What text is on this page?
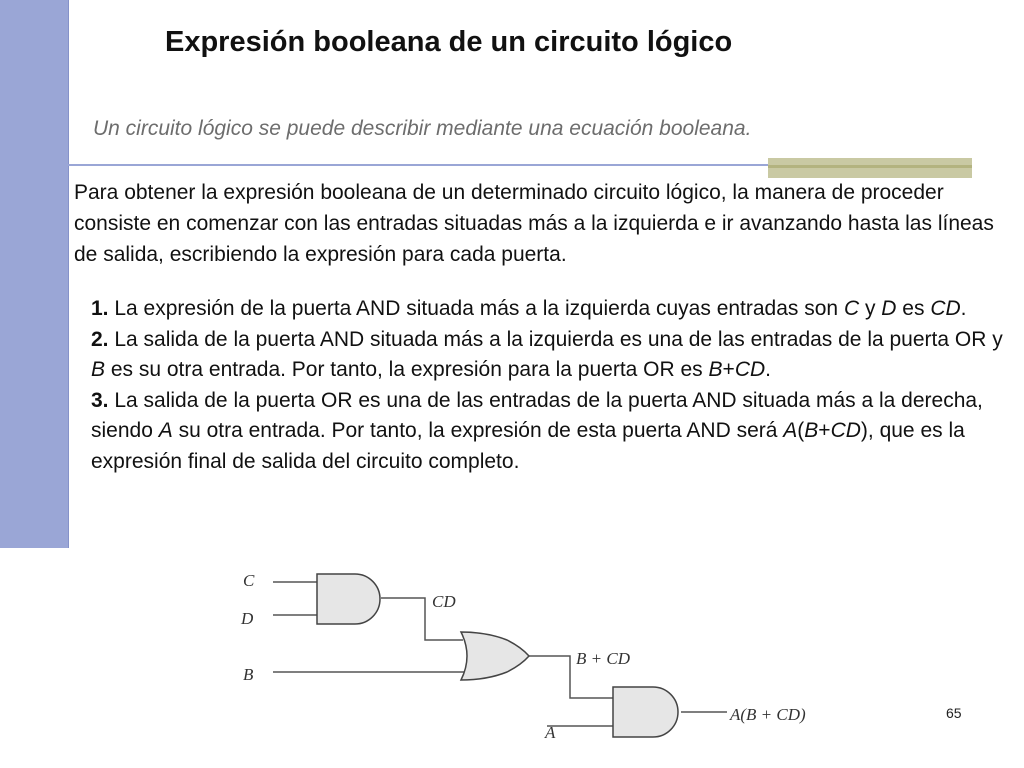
Expresión booleana de un circuito lógico

Un circuito lógico se puede describir mediante una ecuación booleana.

Para obtener la expresión booleana de un determinado circuito lógico, la manera de proceder consiste en comenzar con las entradas situadas más a la izquierda e ir avanzando hasta las líneas de salida, escribiendo la expresión para cada puerta.

1. La expresión de la puerta AND situada más a la izquierda cuyas entradas son C y D es CD.
2. La salida de la puerta AND situada más a la izquierda es una de las entradas de la puerta OR y B es su otra entrada. Por tanto, la expresión para la puerta OR es B+CD.
3. La salida de la puerta OR es una de las entradas de la puerta AND situada más a la derecha, siendo A su otra entrada. Por tanto, la expresión de esta puerta AND será A(B+CD), que es la expresión final de salida del circuito completo.
C
D
B
A
CD
B + CD
A(B + CD)	65
